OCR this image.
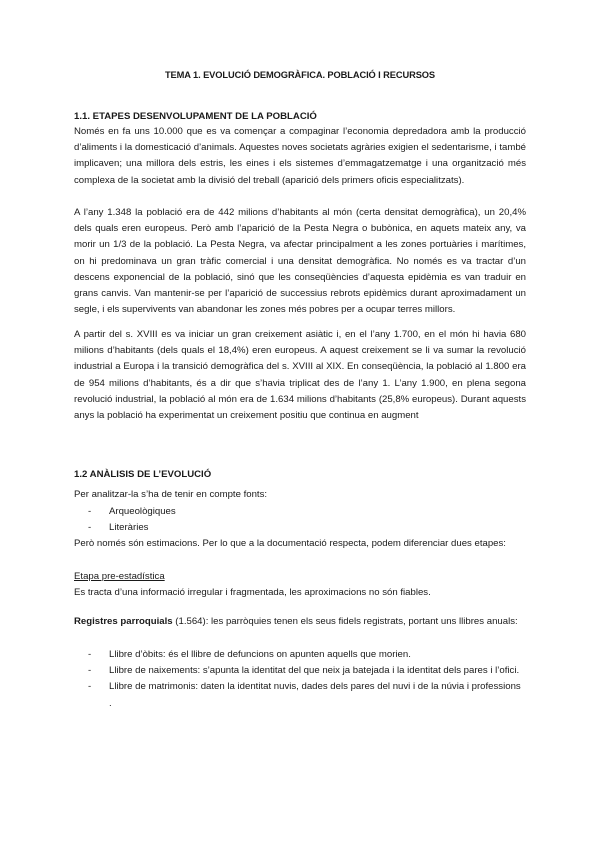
TEMA 1. EVOLUCIÓ DEMOGRÀFICA. POBLACIÓ I RECURSOS
1.1. ETAPES DESENVOLUPAMENT DE LA POBLACIÓ

Només en fa uns 10.000 que es va començar a compaginar l’economia depredadora amb la producció d’aliments i la domesticació d’animals. Aquestes noves societats agràries exigien el sedentarisme, i també implicaven; una millora dels estris, les eines i els sistemes d’emmagatzematge i una organització més complexa de la societat amb la divisió del treball (aparició dels primers oficis especialitzats).

A l’any 1.348 la població era de 442 milions d’habitants al món (certa densitat demogràfica), un 20,4% dels quals eren europeus. Però amb l’aparició de la Pesta Negra o bubònica, en aquets mateix any, va morir un 1/3 de la població. La Pesta Negra, va afectar principalment a les zones portuàries i marítimes, on hi predominava un gran tràfic comercial i una densitat demogràfica. No només es va tractar d’un descens exponencial de la població, sinó que les conseqüències d’aquesta epidèmia es van traduir en grans canvis. Van mantenir-se per l’aparició de successius rebrots epidèmics durant aproximadament un segle, i els supervivents van abandonar les zones més pobres per a ocupar terres millors.

A partir del s. XVIII es va iniciar un gran creixement asiàtic i, en el l’any 1.700, en el món hi havia 680 milions d’habitants (dels quals el 18,4%) eren europeus. A aquest creixement se li va sumar la revolució industrial a Europa i la transició demogràfica del s. XVIII al XIX. En conseqüència, la població al 1.800 era de 954 milions d’habitants, és a dir que s’havia triplicat des de l’any 1. L’any 1.900, en plena segona revolució industrial, la població al món era de 1.634 milions d’habitants (25,8% europeus). Durant aquests anys la població ha experimentat un creixement positiu que continua en augment

1.2 ANÀLISIS DE L’EVOLUCIÓ

Per analitzar-la s’ha de tenir en compte fonts:

- Arqueològiques
- Literàries

Però només són estimacions. Per lo que a la documentació respecta, podem diferenciar dues etapes:

Etapa pre-estadística

Es tracta d’una informació irregular i fragmentada, les aproximacions no són fiables.

Registres parroquials (1.564): les parròquies tenen els seus fidels registrats, portant uns llibres anuals:

- Llibre d’òbits: és el llibre de defuncions on apunten aquells que morien.
- Llibre de naixements: s’apunta la identitat del que neix ja batejada i la identitat dels pares i l’ofici.
- Llibre de matrimonis: daten la identitat nuvis, dades dels pares del nuvi i de la núvia i professions .
